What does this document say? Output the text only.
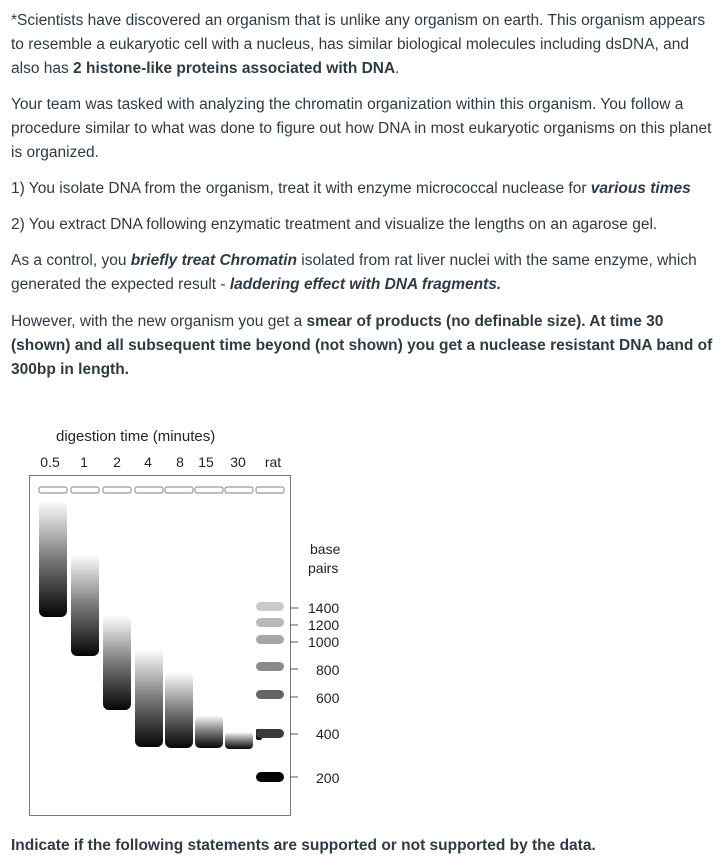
*Scientists have discovered an organism that is unlike any organism on earth. This organism appears to resemble a eukaryotic cell with a nucleus, has similar biological molecules including dsDNA, and also has 2 histone-like proteins associated with DNA.

Your team was tasked with analyzing the chromatin organization within this organism. You follow a procedure similar to what was done to figure out how DNA in most eukaryotic organisms on this planet is organized.

1) You isolate DNA from the organism, treat it with enzyme micrococcal nuclease for various times

2) You extract DNA following enzymatic treatment and visualize the lengths on an agarose gel.

As a control, you briefly treat Chromatin isolated from rat liver nuclei with the same enzyme, which generated the expected result - laddering effect with DNA fragments.

However, with the new organism you get a smear of products (no definable size). At time 30 (shown) and all subsequent time beyond (not shown) you get a nuclease resistant DNA band of 300bp in length.

digestion time (minutes)
0.5 1 2 4 8 15 30 rat
base
pairs
1400
1200
1000
800
600
400
200

Indicate if the following statements are supported or not supported by the data.
